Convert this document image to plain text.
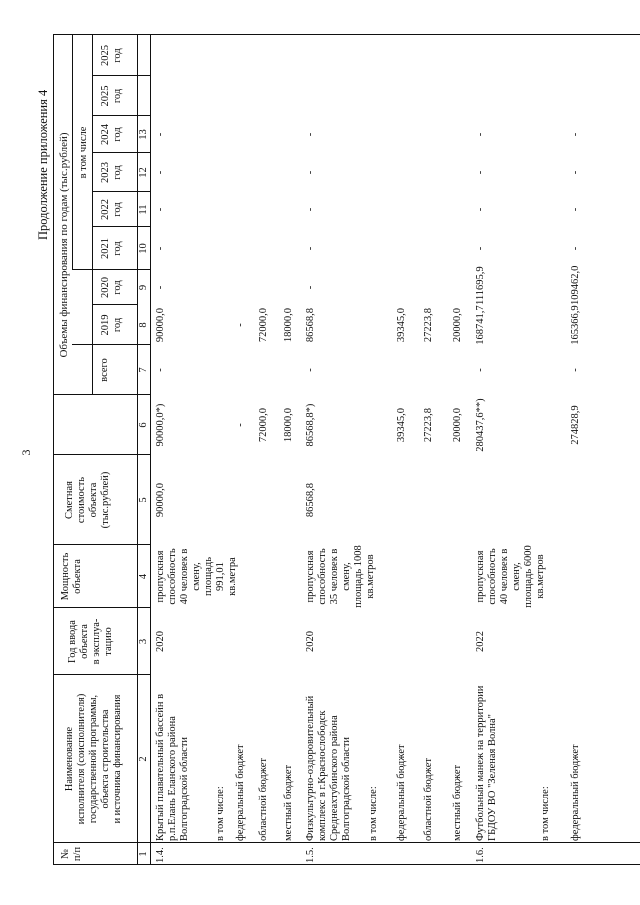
3
Продолжение приложения 4
№
п/п
Наименование
исполнителя (соисполнителя)
государственной программы,
объекта строительства
и источника финансирования
Год ввода
объекта
в эксплуа-
тацию
Мощность
объекта
Сметная
стоимость
объекта
(тыс.рублей)
Объемы финансирования по годам (тыс.рублей)
всего
в том числе
2019
год
2020
год
2021
год
2022
год
2023
год
2024
год
2025
год
2025
год
1
2
3
4
5
6
7
8
9
10
11
12
13
1.4.
Крытый плавательный бассейн в р.п.Елань Еланского района Волгоградской области
2020
пропускная способность 40 человек в смену, площадь 991,01 кв.метра
90000,0
90000,0*)
-
90000,0
-
-
-
-
-
в том числе: федеральный бюджет
-
-
областной бюджет
72000,0
72000,0
местный бюджет
18000,0
18000,0
1.5.
Физкультурно-оздоровительный комплекс в г.Краснослободск Среднеахтубинского района Волгоградской области
2020
пропускная способность 35 человек в смену, площадь 1008 кв.метров
86568,8
86568,8*)
-
86568,8
-
-
-
-
-
в том числе: федеральный бюджет
39345,0
39345,0
областной бюджет
27223,8
27223,8
местный бюджет
20000,0
20000,0
1.6.
Футбольный манеж на территории ГБДОУ ВО "Зеленая Волна"
2022
пропускная способность 40 человек в смену, площадь 6000 кв.метров
280437,6**)
-
168741,7
111695,9
-
-
-
-
в том числе: федеральный бюджет
274828,9
-
165366,9
109462,0
-
-
-
-
